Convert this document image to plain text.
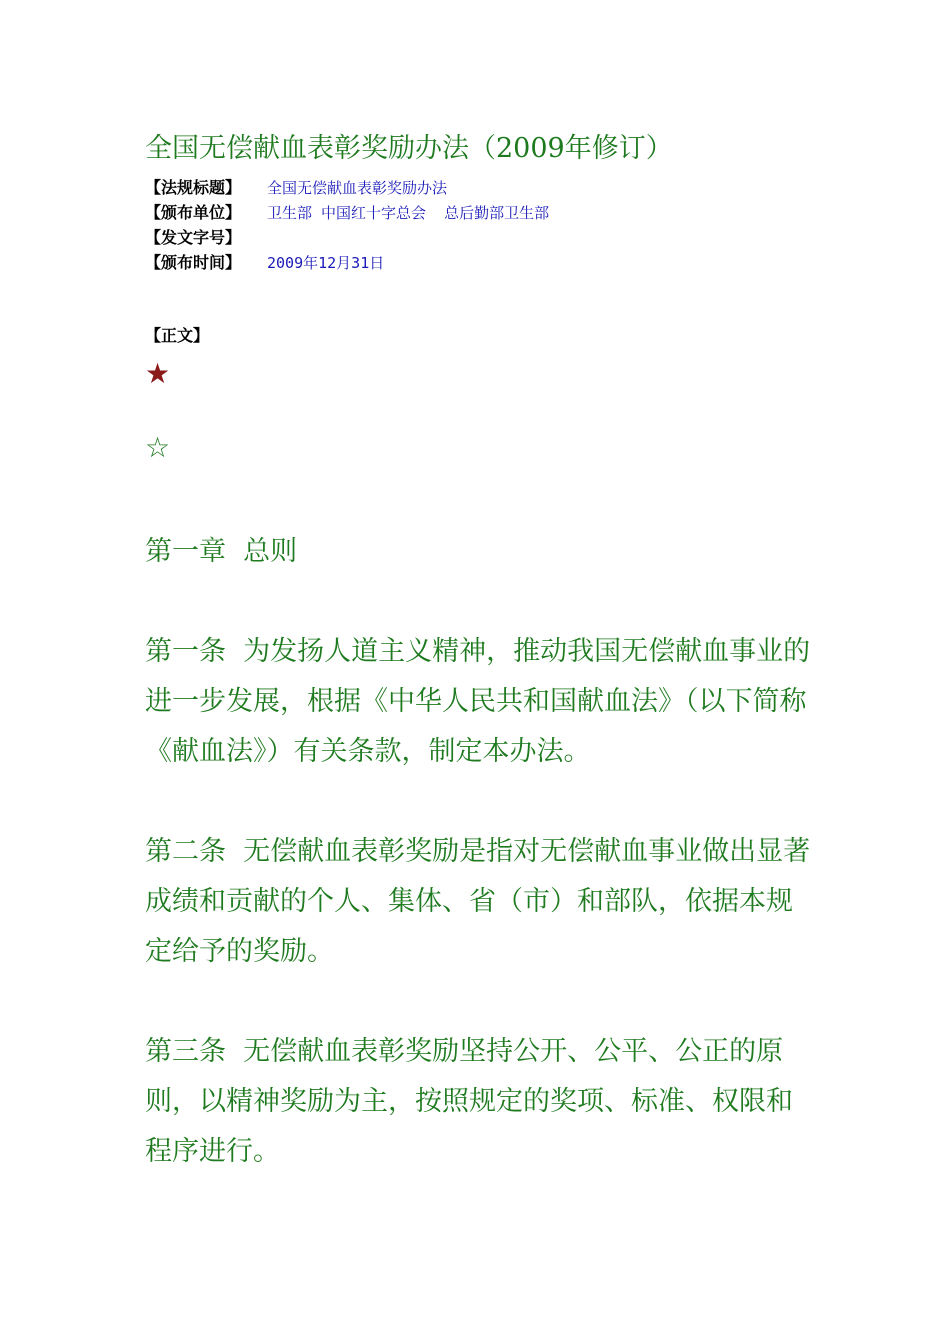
全国无偿献血表彰奖励办法（2009年修订）
【法规标题】 全国无偿献血表彰奖励办法
【颁布单位】 卫生部 中国红十字总会  总后勤部卫生部
【发文字号】
【颁布时间】 2009年12月31日
【正文】
★
☆
第一章  总则
第一条  为发扬人道主义精神，推动我国无偿献血事业的进一步发展，根据《中华人民共和国献血法》（以下简称《献血法》）有关条款，制定本办法。
第二条  无偿献血表彰奖励是指对无偿献血事业做出显著成绩和贡献的个人、集体、省（市）和部队，依据本规定给予的奖励。
第三条  无偿献血表彰奖励坚持公开、公平、公正的原则，以精神奖励为主，按照规定的奖项、标准、权限和程序进行。
